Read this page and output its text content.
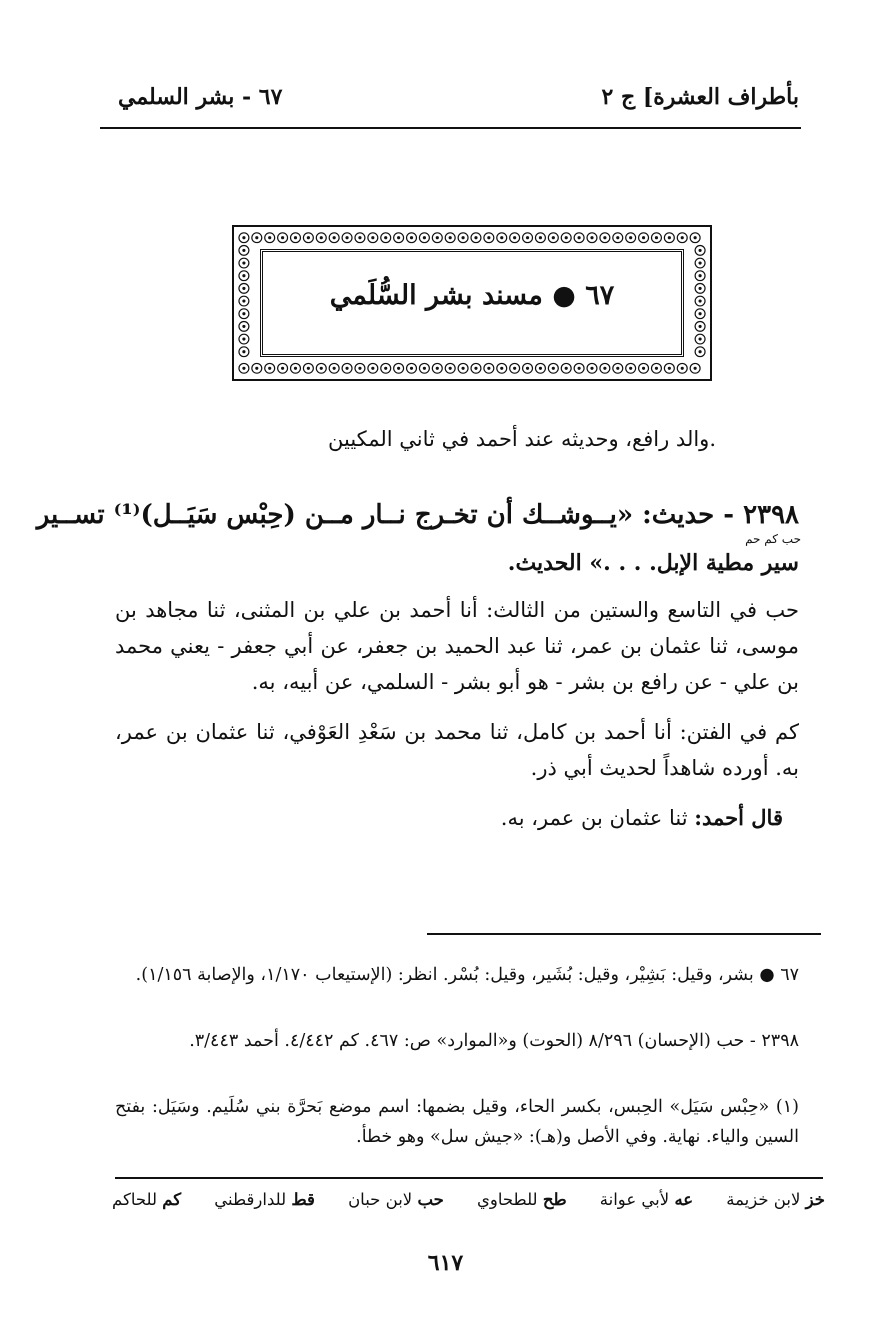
بأطراف العشرة] ج ٢
٦٧ - بشر السلمي
٦٧ ● مسند بشر السُّلَمي
والد رافع، وحديثه عند أحمد في ثاني المكيين.
٢٣٩٨ - حديث: «يــوشــك أن تخـرج نــار مــن (حِبْس سَيَــل)⁽¹⁾ تســير
حب كم حم
سير مطية الإبل. . . .» الحديث.
حب في التاسع والستين من الثالث: أنا أحمد بن علي بن المثنى، ثنا مجاهد بن موسى، ثنا عثمان بن عمر، ثنا عبد الحميد بن جعفر، عن أبي جعفر - يعني محمد بن علي - عن رافع بن بشر - هو أبو بشر - السلمي، عن أبيه، به.
كم في الفتن: أنا أحمد بن كامل، ثنا محمد بن سَعْدِ العَوْفي، ثنا عثمان بن عمر، به. أورده شاهداً لحديث أبي ذر.
قال أحمد: ثنا عثمان بن عمر، به.
٦٧ ● بشر، وقيل: بَشِيْر، وقيل: بُشَير، وقيل: بُسْر. انظر: (الإستيعاب ١/١٧٠، والإصابة ١/١٥٦).
٢٣٩٨ - حب (الإحسان) ٨/٢٩٦ (الحوت) و«الموارد» ص: ٤٦٧. كم ٤/٤٤٢. أحمد ٣/٤٤٣.
(١) «حِبْس سَيَل» الحِبس، بكسر الحاء، وقيل بضمها: اسم موضع بَحرَّة بني سُلَيم. وسَيَل: بفتح السين والياء. نهاية. وفي الأصل و(هـ): «جيش سل» وهو خطأ.
خز لابن خزيمة
عه لأبي عوانة
طح للطحاوي
حب لابن حبان
قط للدارقطني
كم للحاكم
٦١٧
